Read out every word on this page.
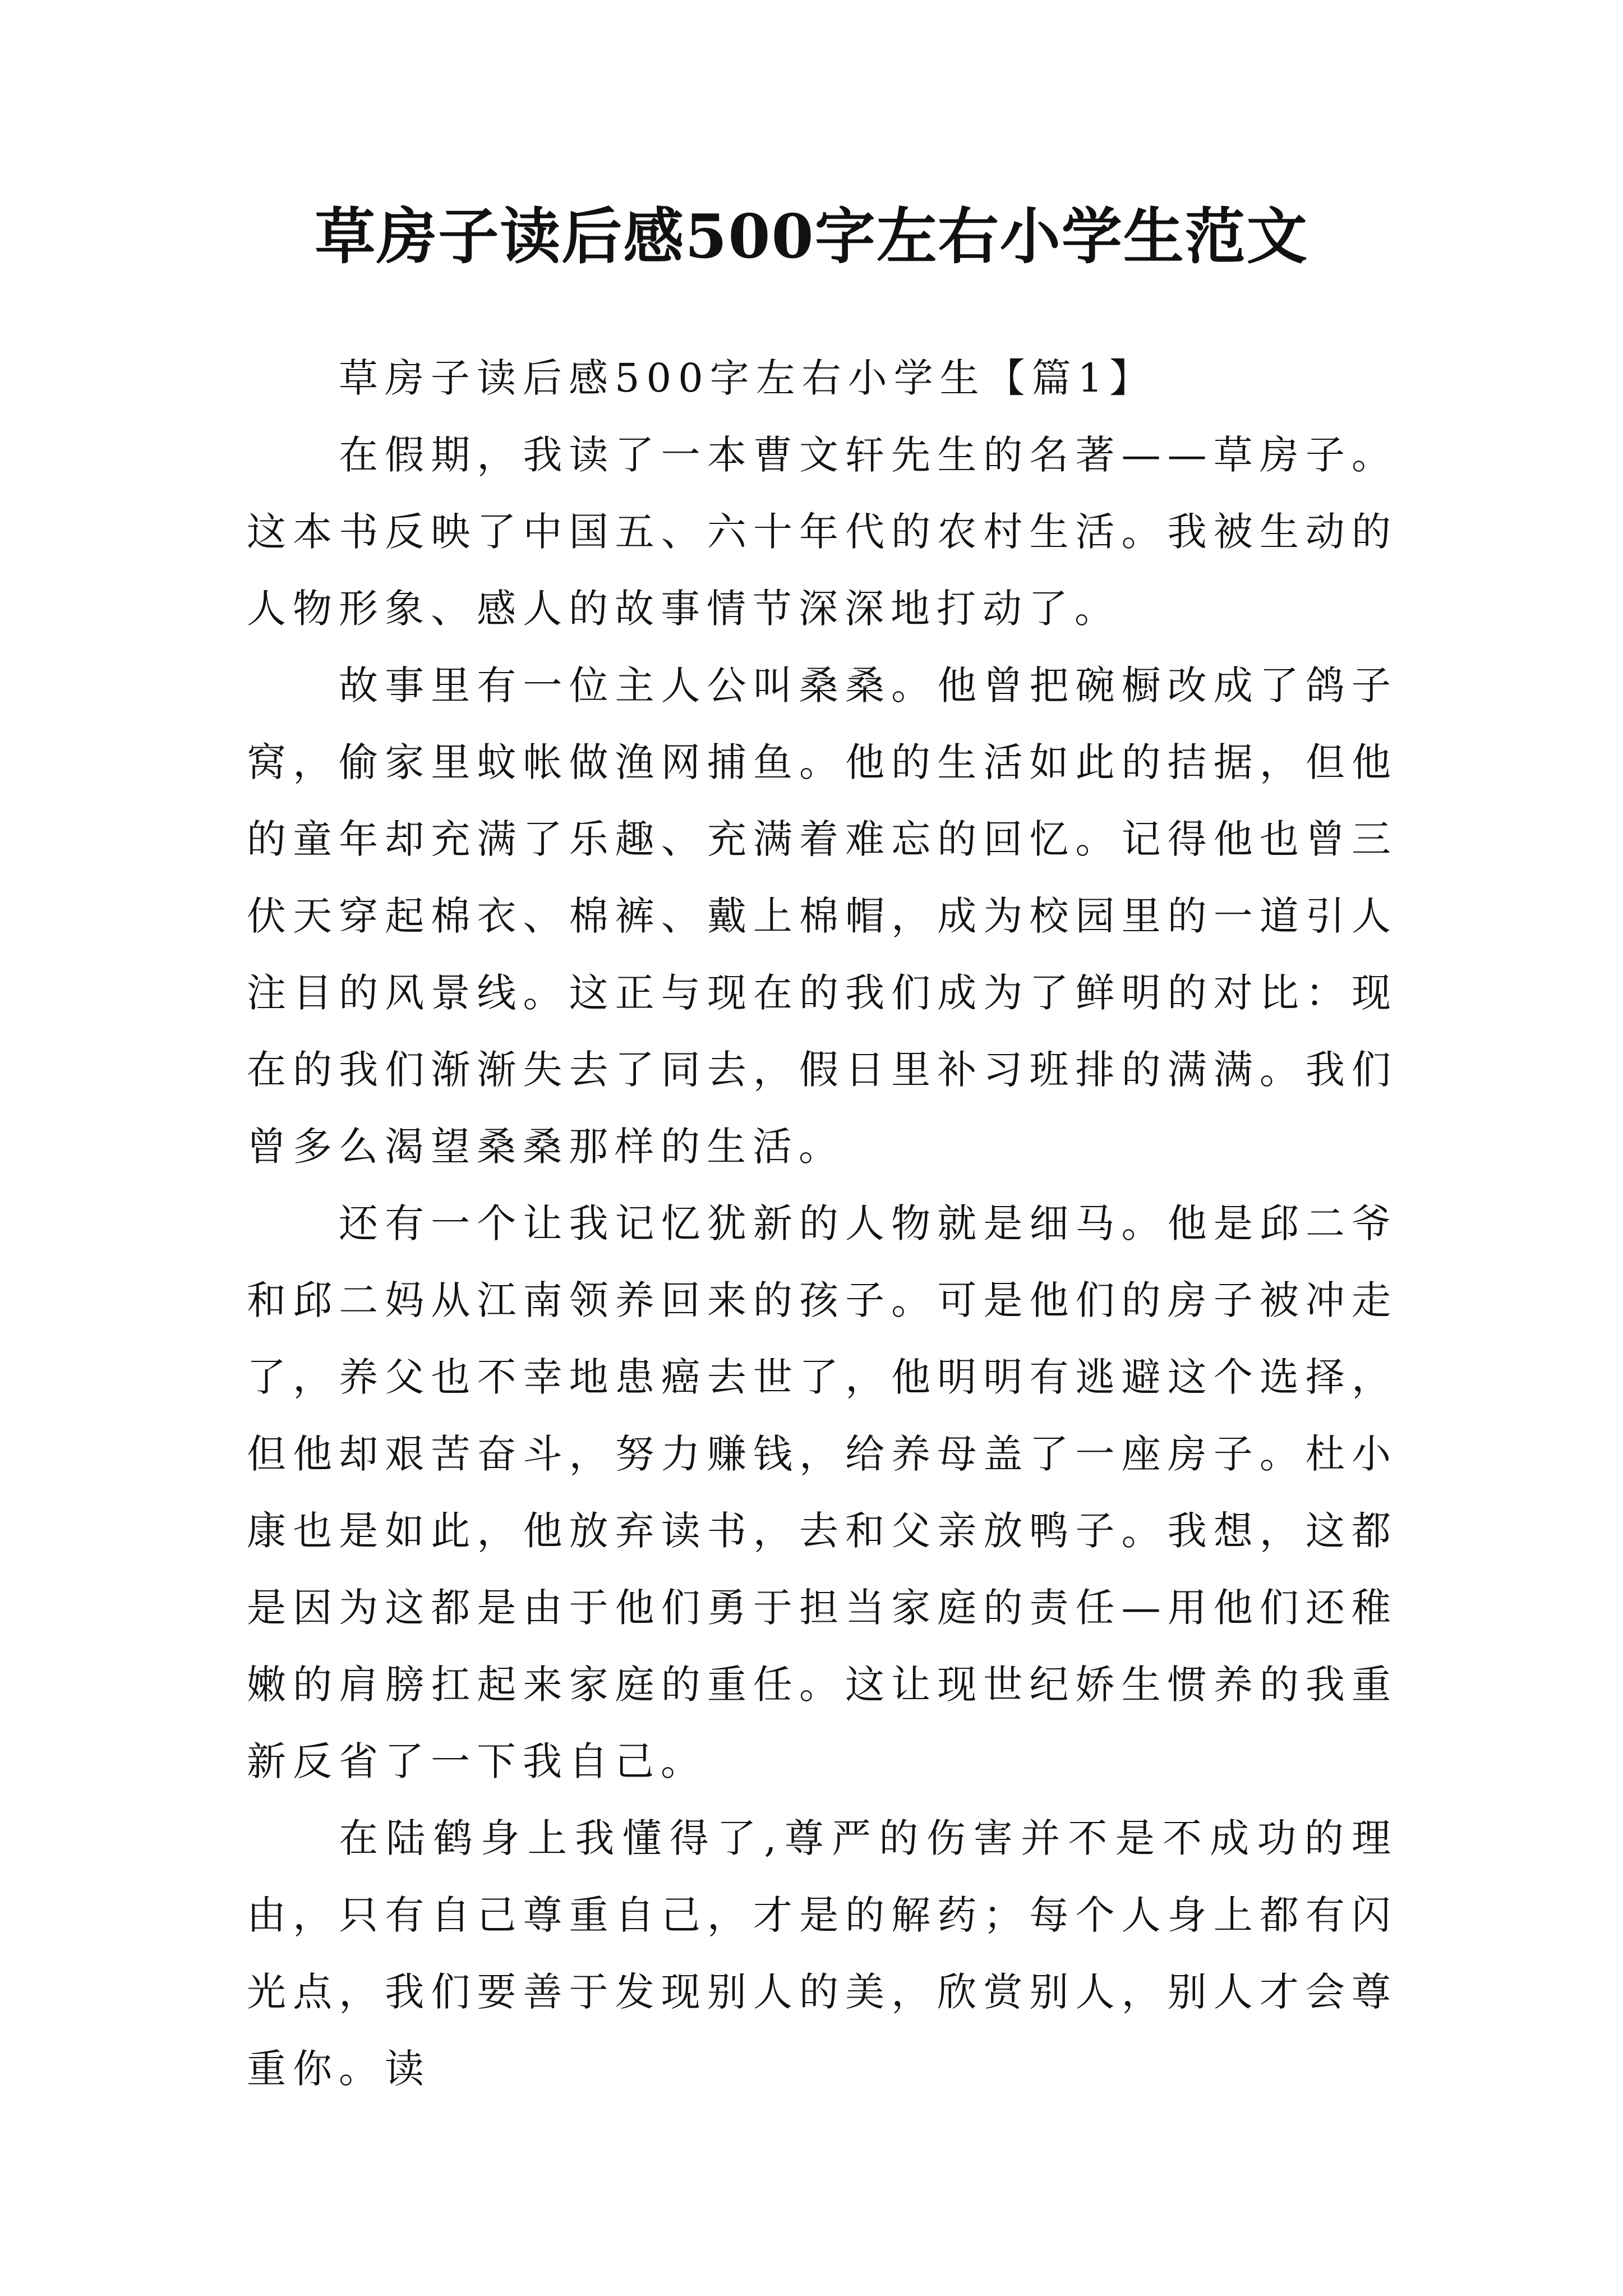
草房子读后感500字左右小学生范文

草房子读后感500字左右小学生【篇1】

在假期，我读了一本曹文轩先生的名著——草房子。这本书反映了中国五、六十年代的农村生活。我被生动的人物形象、感人的故事情节深深地打动了。

故事里有一位主人公叫桑桑。他曾把碗橱改成了鸽子窝，偷家里蚊帐做渔网捕鱼。他的生活如此的拮据，但他的童年却充满了乐趣、充满着难忘的回忆。记得他也曾三伏天穿起棉衣、棉裤、戴上棉帽，成为校园里的一道引人注目的风景线。这正与现在的我们成为了鲜明的对比：现在的我们渐渐失去了同去，假日里补习班排的满满。我们曾多么渴望桑桑那样的生活。

还有一个让我记忆犹新的人物就是细马。他是邱二爷和邱二妈从江南领养回来的孩子。可是他们的房子被冲走了，养父也不幸地患癌去世了，他明明有逃避这个选择，但他却艰苦奋斗，努力赚钱，给养母盖了一座房子。杜小康也是如此，他放弃读书，去和父亲放鸭子。我想，这都是因为这都是由于他们勇于担当家庭的责任—用他们还稚嫩的肩膀扛起来家庭的重任。这让现世纪娇生惯养的我重新反省了一下我自己。

在陆鹤身上我懂得了,尊严的伤害并不是不成功的理由，只有自己尊重自己，才是的解药；每个人身上都有闪光点，我们要善于发现别人的美，欣赏别人，别人才会尊重你。读
